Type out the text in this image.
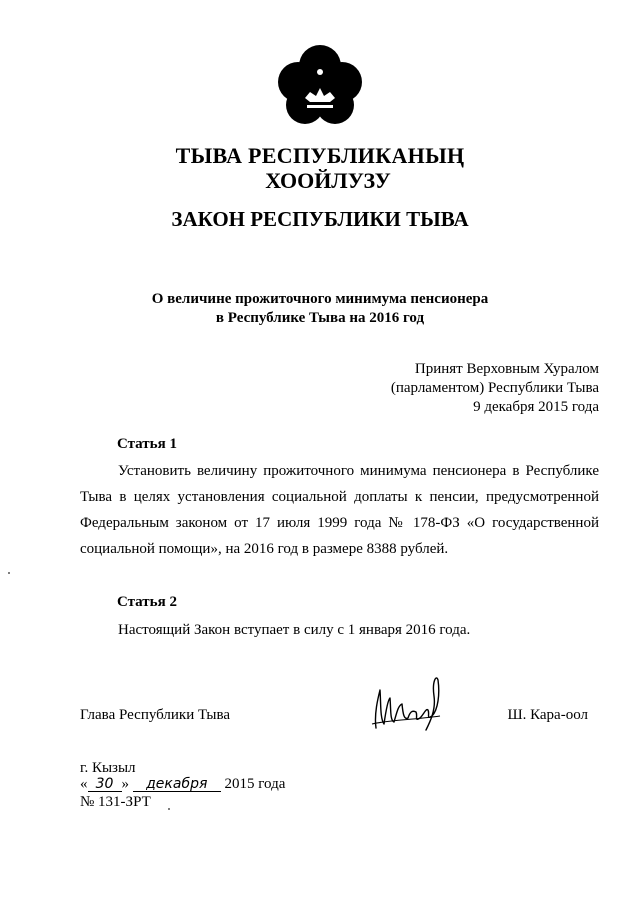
ТЫВА РЕСПУБЛИКАНЫҢ
ХООЙЛУЗУ
ЗАКОН РЕСПУБЛИКИ ТЫВА
О величине прожиточного минимума пенсионера
в Республике Тыва на 2016 год
Принят Верховным Хуралом
(парламентом) Республики Тыва
9 декабря 2015 года
Статья 1
Установить величину прожиточного минимума пенсионера в Республике Тыва в целях установления социальной доплаты к пенсии, предусмотренной Федеральным законом от 17 июля 1999 года № 178-ФЗ «О государственной социальной помощи», на 2016 год в размере 8388 рублей.
Статья 2
Настоящий Закон вступает в силу с 1 января 2016 года.
Глава Республики Тыва	Ш. Кара-оол
г. Кызыл
« 30 » декабря 2015 года
№ 131-ЗРТ
